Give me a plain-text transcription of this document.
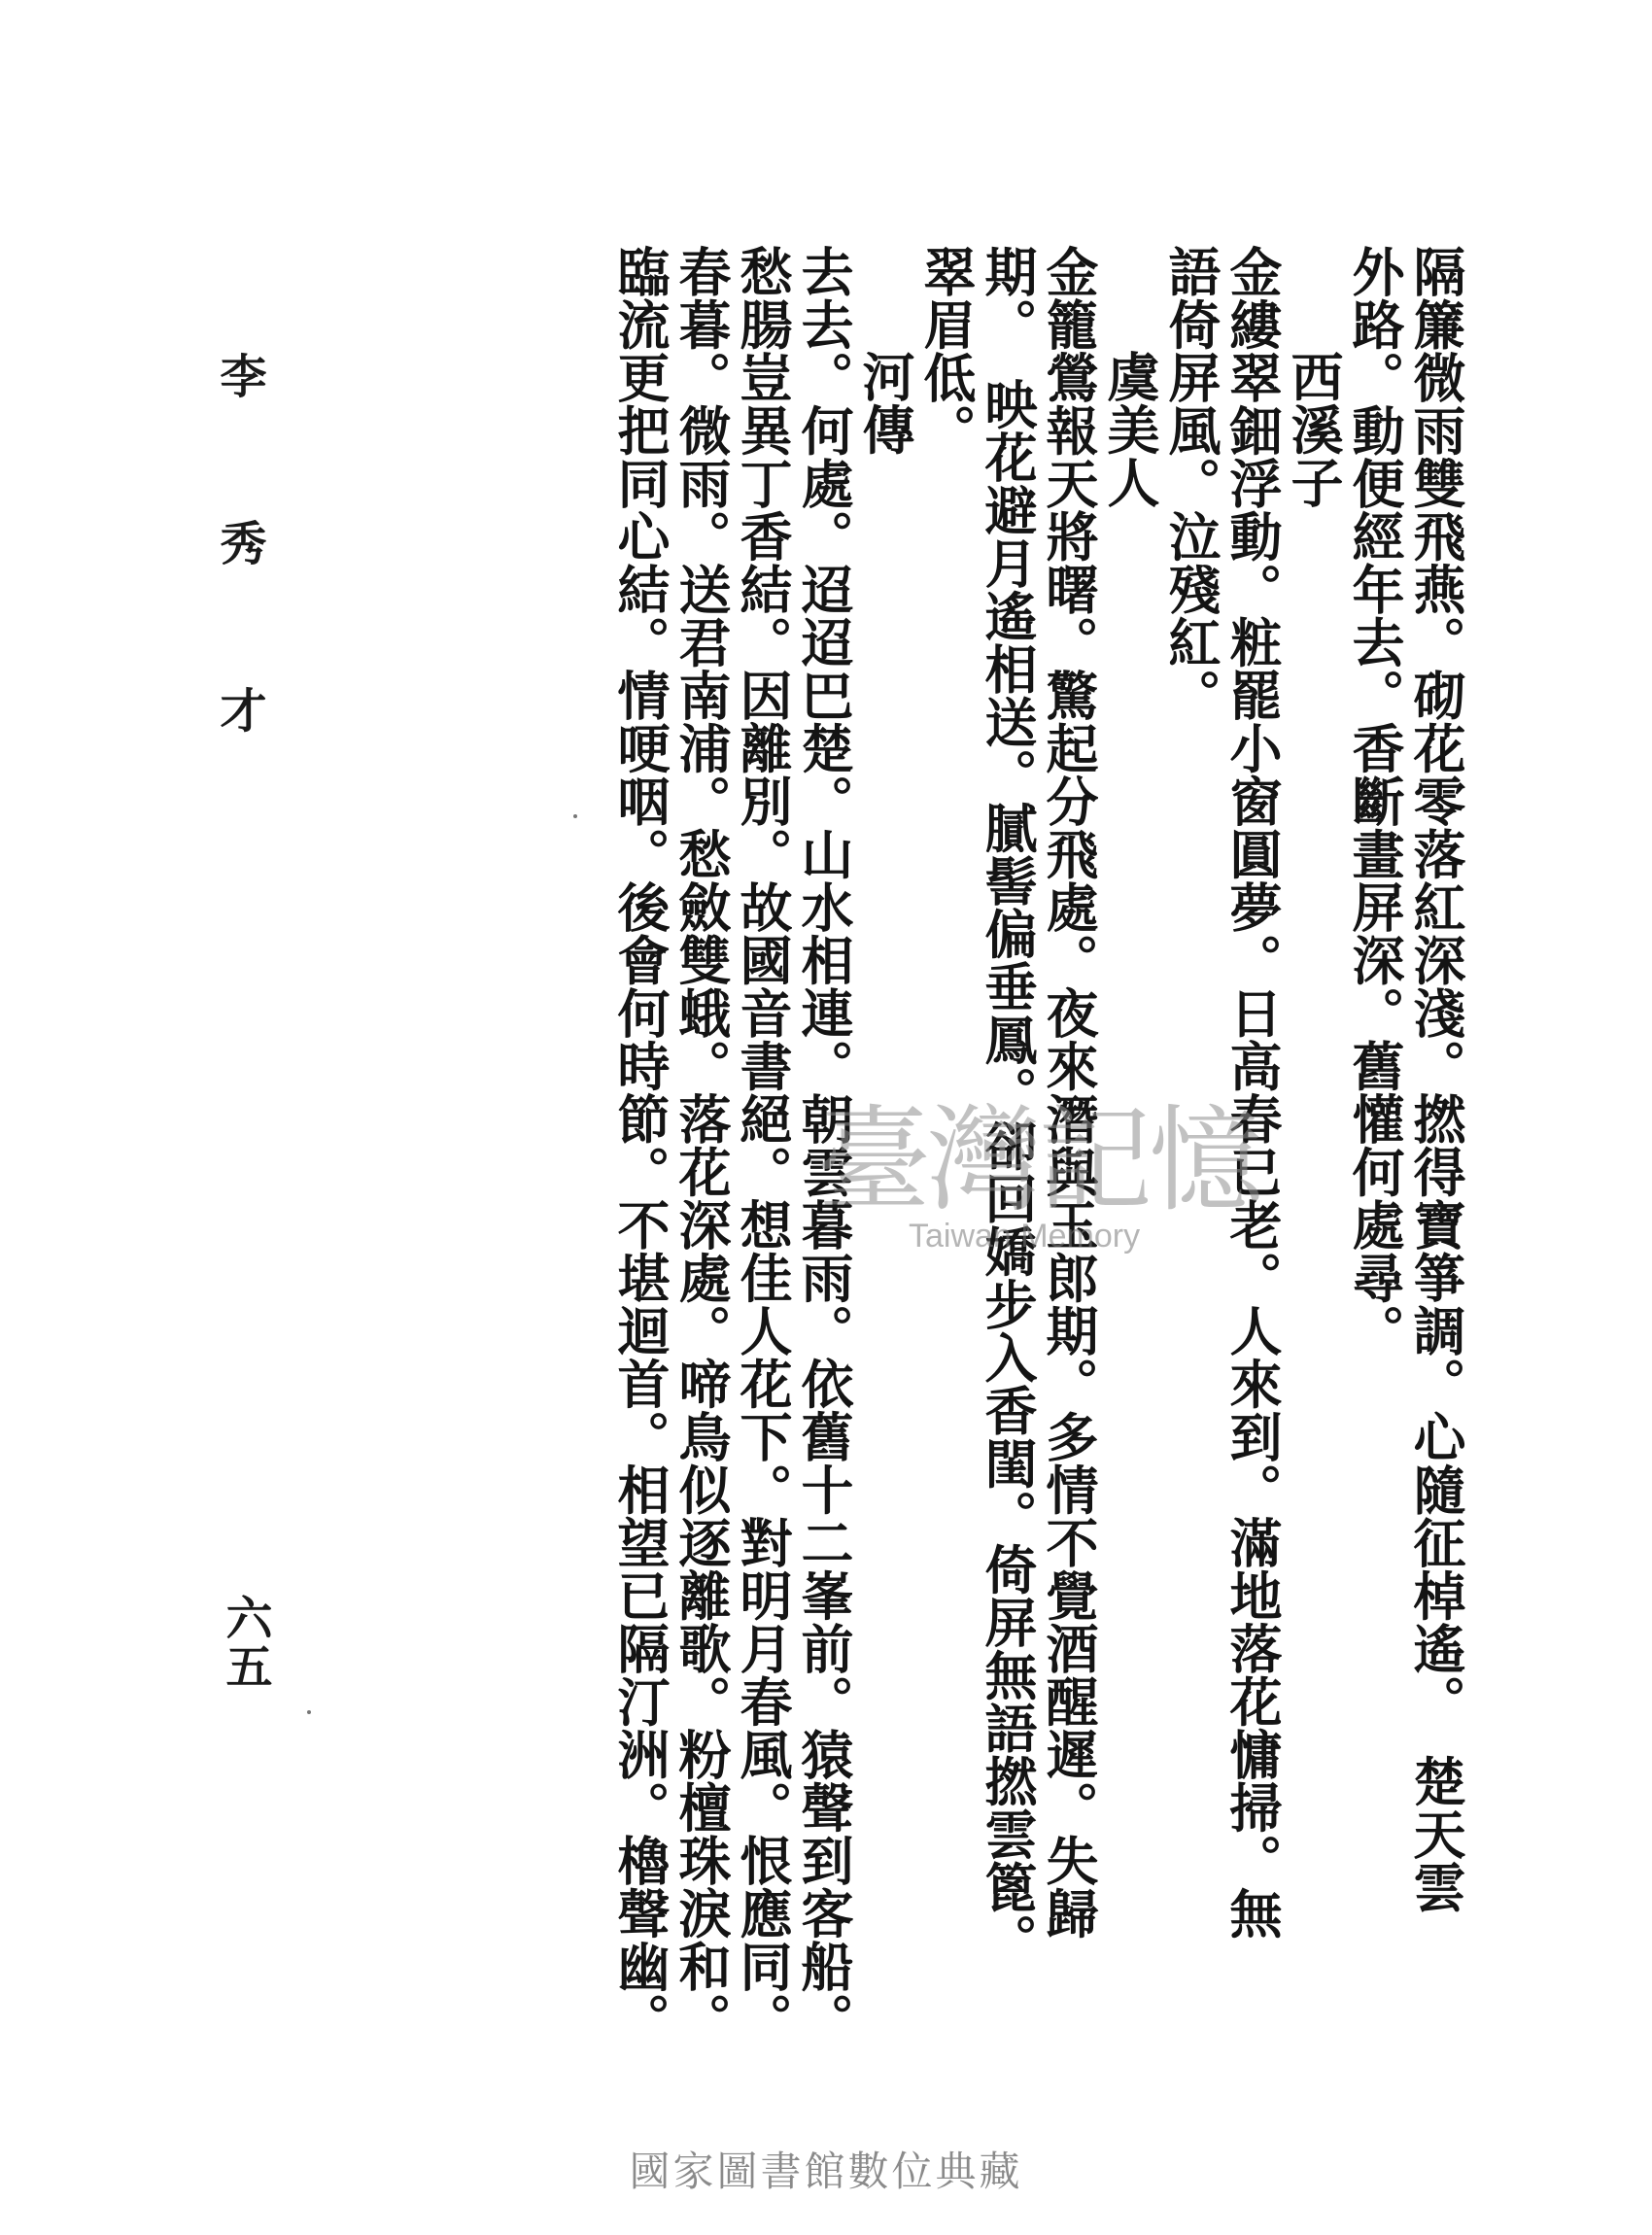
李 秀 才
六五	隔簾微雨雙飛燕。砌花零落紅深淺。撚得寶箏調。心隨征棹遙。　楚天雲
外路。動便經年去。香斷畫屏深。舊懽何處尋。
西溪子
金縷翠鈿浮動。粧罷小窗圓夢。日高春已老。人來到。滿地落花慵掃。無
語倚屏風。泣殘紅。
虞美人
金籠鶯報天將曙。驚起分飛處。夜來潛與玉郎期。多情不覺酒醒遲。失歸
期。　映花避月遙相送。膩髻偏垂鳳。卻回嬌步入香閨。倚屏無語撚雲篦。
翠眉低。
河傳
去去。何處。迢迢巴楚。山水相連。朝雲暮雨。依舊十二峯前。猿聲到客船。
愁腸豈異丁香結。因離別。故國音書絕。想佳人花下。對明月春風。恨應同。
春暮。微雨。送君南浦。愁斂雙蛾。落花深處。啼鳥似逐離歌。粉檀珠淚和。
臨流更把同心結。情哽咽。後會何時節。不堪迴首。相望已隔汀洲。櫓聲幽。 臺灣記憶
Taiwan Memory
國家圖書館數位典藏
